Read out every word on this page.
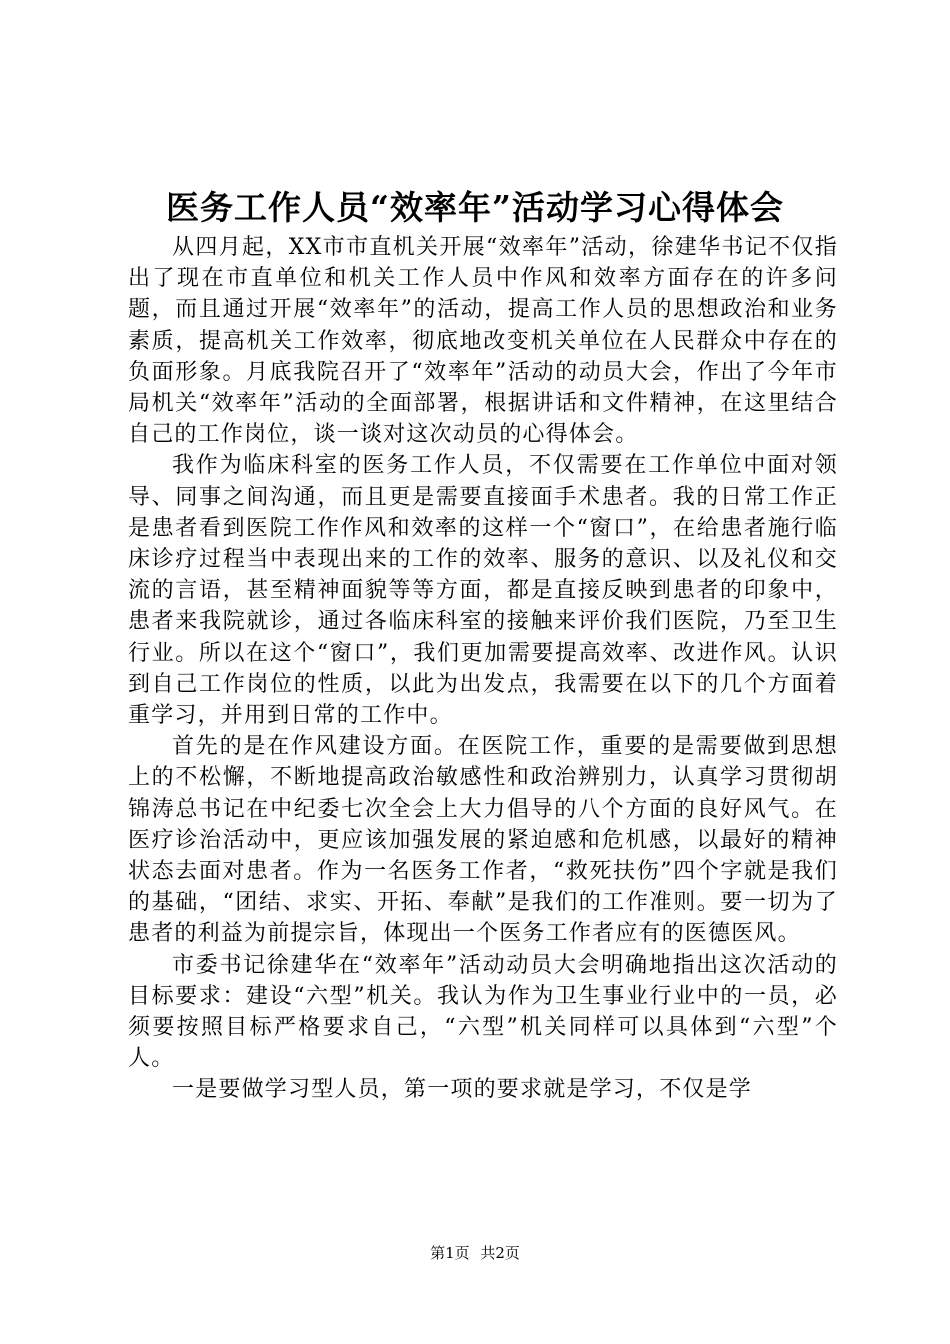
医务工作人员“效率年”活动学习心得体会

从四月起，XX市市直机关开展“效率年”活动，徐建华书记不仅指出了现在市直单位和机关工作人员中作风和效率方面存在的许多问题，而且通过开展“效率年”的活动，提高工作人员的思想政治和业务素质，提高机关工作效率，彻底地改变机关单位在人民群众中存在的负面形象。月底我院召开了“效率年”活动的动员大会，作出了今年市局机关“效率年”活动的全面部署，根据讲话和文件精神，在这里结合自己的工作岗位，谈一谈对这次动员的心得体会。

我作为临床科室的医务工作人员，不仅需要在工作单位中面对领导、同事之间沟通，而且更是需要直接面手术患者。我的日常工作正是患者看到医院工作作风和效率的这样一个“窗口”，在给患者施行临床诊疗过程当中表现出来的工作的效率、服务的意识、以及礼仪和交流的言语，甚至精神面貌等等方面，都是直接反映到患者的印象中，患者来我院就诊，通过各临床科室的接触来评价我们医院，乃至卫生行业。所以在这个“窗口”，我们更加需要提高效率、改进作风。认识到自己工作岗位的性质，以此为出发点，我需要在以下的几个方面着重学习，并用到日常的工作中。

首先的是在作风建设方面。在医院工作，重要的是需要做到思想上的不松懈，不断地提高政治敏感性和政治辨别力，认真学习贯彻胡锦涛总书记在中纪委七次全会上大力倡导的八个方面的良好风气。在医疗诊治活动中，更应该加强发展的紧迫感和危机感，以最好的精神状态去面对患者。作为一名医务工作者，“救死扶伤”四个字就是我们的基础，“团结、求实、开拓、奉献”是我们的工作准则。要一切为了患者的利益为前提宗旨，体现出一个医务工作者应有的医德医风。

市委书记徐建华在“效率年”活动动员大会明确地指出这次活动的目标要求：建设“六型”机关。我认为作为卫生事业行业中的一员，必须要按照目标严格要求自己，“六型”机关同样可以具体到“六型”个人。

一是要做学习型人员，第一项的要求就是学习，不仅是学

第1页 共2页
